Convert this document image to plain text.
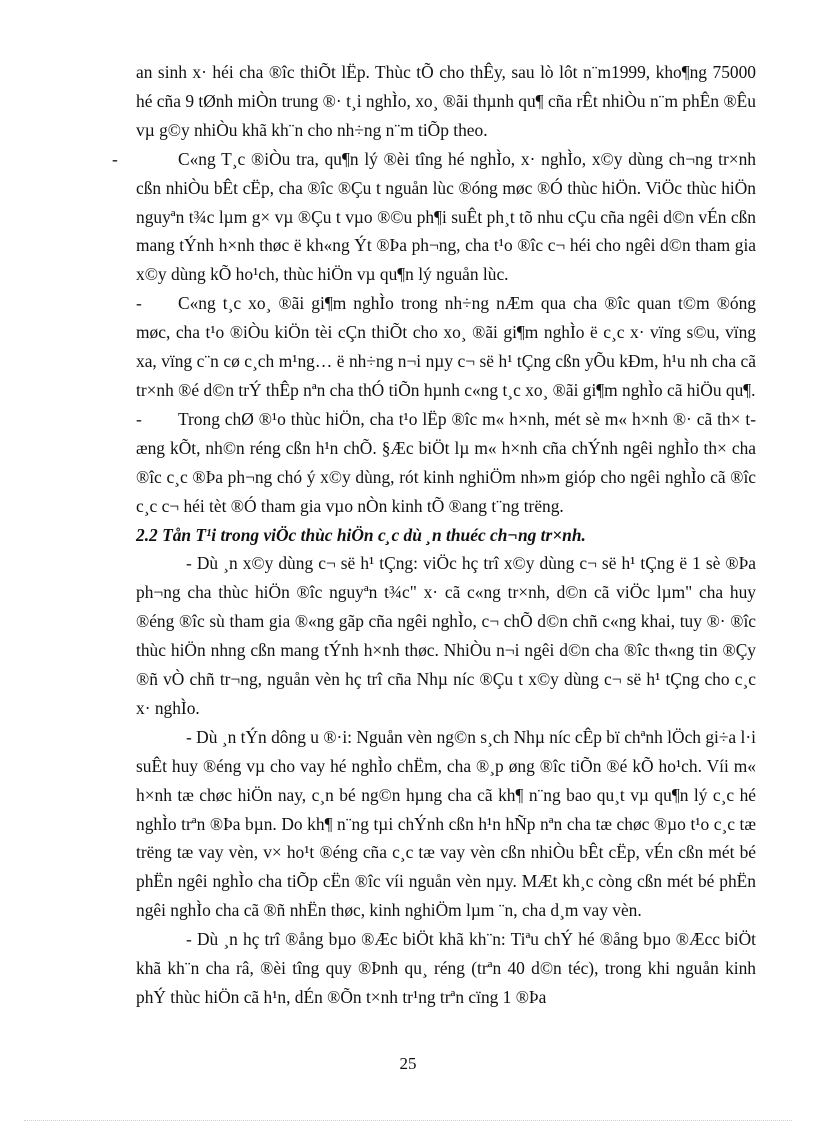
an sinh x· héi cha ®îc thiÕt lËp. Thùc tÕ cho thÊy, sau lò lôt n¨m1999, kho¶ng 75000 hé cña 9 tØnh miÒn trung ®· t¸i nghÌo, xo¸ ®ãi thµnh qu¶ cña rÊt nhiÒu n¨m phÊn ®Êu vµ g©y nhiÒu khã kh¨n cho nh÷ng n¨m tiÕp theo.

-	C«ng T¸c ®iÒu tra, qu¶n lý ®èi tîng hé nghÌo, x· nghÌo, x©y dùng ch¬ng tr×nh cßn nhiÒu bÊt cËp, cha ®îc ®Çu t nguån lùc ®óng møc ®Ó thùc hiÖn. ViÖc thùc hiÖn nguyªn t¾c lµm g× vµ ®Çu t vµo ®©u ph¶i suÊt ph¸t tõ nhu cÇu cña ngêi d©n vÉn cßn mang tÝnh h×nh thøc ë kh«ng Ýt ®Þa ph¬ng, cha t¹o ®îc c¬ héi cho ngêi d©n tham gia x©y dùng kÕ ho¹ch, thùc hiÖn vµ qu¶n lý nguån lùc.

- C«ng t¸c xo¸ ®ãi gi¶m nghÌo trong nh÷ng nÆm qua cha ®îc quan t©m ®óng møc, cha t¹o ®iÒu kiÖn tèi cÇn thiÕt cho xo¸ ®ãi gi¶m nghÌo ë c¸c x· vïng s©u, vïng xa, vïng c¨n cø c¸ch m¹ng… ë nh÷ng n¬i nµy c¬ së h¹ tÇng cßn yÕu kÐm, h¹u nh cha cã tr×nh ®é d©n trÝ thÊp nªn cha thÓ tiÕn hµnh c«ng t¸c xo¸ ®ãi gi¶m nghÌo cã hiÖu qu¶.

- Trong chØ ®¹o thùc hiÖn, cha t¹o lËp ®îc m« h×nh, mét sè m« h×nh ®· cã th× tæng kÕt, nh©n réng cßn h¹n chÕ. §Æc biÖt lµ m« h×nh cña chÝnh ngêi nghÌo th× cha ®îc c¸c ®Þa ph¬ng chó ý x©y dùng, rót kinh nghiÖm nh»m gióp cho ngêi nghÌo cã ®îc c¸c c¬ héi tèt ®Ó tham gia vµo nÒn kinh tÕ ®ang t¨ng trëng.

2.2 Tån T¹i trong viÖc thùc hiÖn c¸c dù ¸n thuéc ch¬ng tr×nh.

- Dù ¸n x©y dùng c¬ së h¹ tÇng: viÖc hç trî x©y dùng c¬ së h¹ tÇng ë 1 sè ®Þa ph¬ng cha thùc hiÖn ®îc nguyªn t¾c" x· cã c«ng tr×nh, d©n cã viÖc lµm" cha huy ®éng ®îc sù tham gia ®«ng gãp cña ngêi nghÌo, c¬ chÕ d©n chñ c«ng khai, tuy ®· ®îc thùc hiÖn nhng cßn mang tÝnh h×nh thøc. NhiÒu n¬i ngêi d©n cha ®îc th«ng tin ®Çy ®ñ vÒ chñ tr¬ng, nguån vèn hç trî cña Nhµ níc ®Çu t x©y dùng c¬ së h¹ tÇng cho c¸c x· nghÌo.

- Dù ¸n tÝn dông u ®·i: Nguån vèn ng©n s¸ch Nhµ níc cÊp bï chªnh lÖch gi÷a l·i suÊt huy ®éng vµ cho vay hé nghÌo chËm, cha ®¸p øng ®îc tiÕn ®é kÕ ho¹ch. Víi m« h×nh tæ chøc hiÖn nay, c¸n bé ng©n hµng cha cã kh¶ n¨ng bao qu¸t vµ qu¶n lý c¸c hé nghÌo trªn ®Þa bµn. Do kh¶ n¨ng tµi chÝnh cßn h¹n hÑp nªn cha tæ chøc ®µo t¹o c¸c tæ trëng tæ vay vèn, v× ho¹t ®éng cña c¸c tæ vay vèn cßn nhiÒu bÊt cËp, vÉn cßn mét bé phËn ngêi nghÌo cha tiÕp cËn ®îc víi nguån vèn nµy. MÆt kh¸c còng cßn mét bé phËn ngêi nghÌo cha cã ®ñ nhËn thøc, kinh nghiÖm lµm ¨n, cha d¸m vay vèn.

- Dù ¸n hç trî ®ång bµo ®Æc biÖt khã kh¨n: Tiªu chÝ hé ®ång bµo ®Æcc biÖt khã kh¨n cha râ, ®èi tîng quy ®Þnh qu¸ réng (trªn 40 d©n téc), trong khi nguån kinh phÝ thùc hiÖn cã h¹n, dÉn ®Õn t×nh tr¹ng trªn cïng 1 ®Þa

25
